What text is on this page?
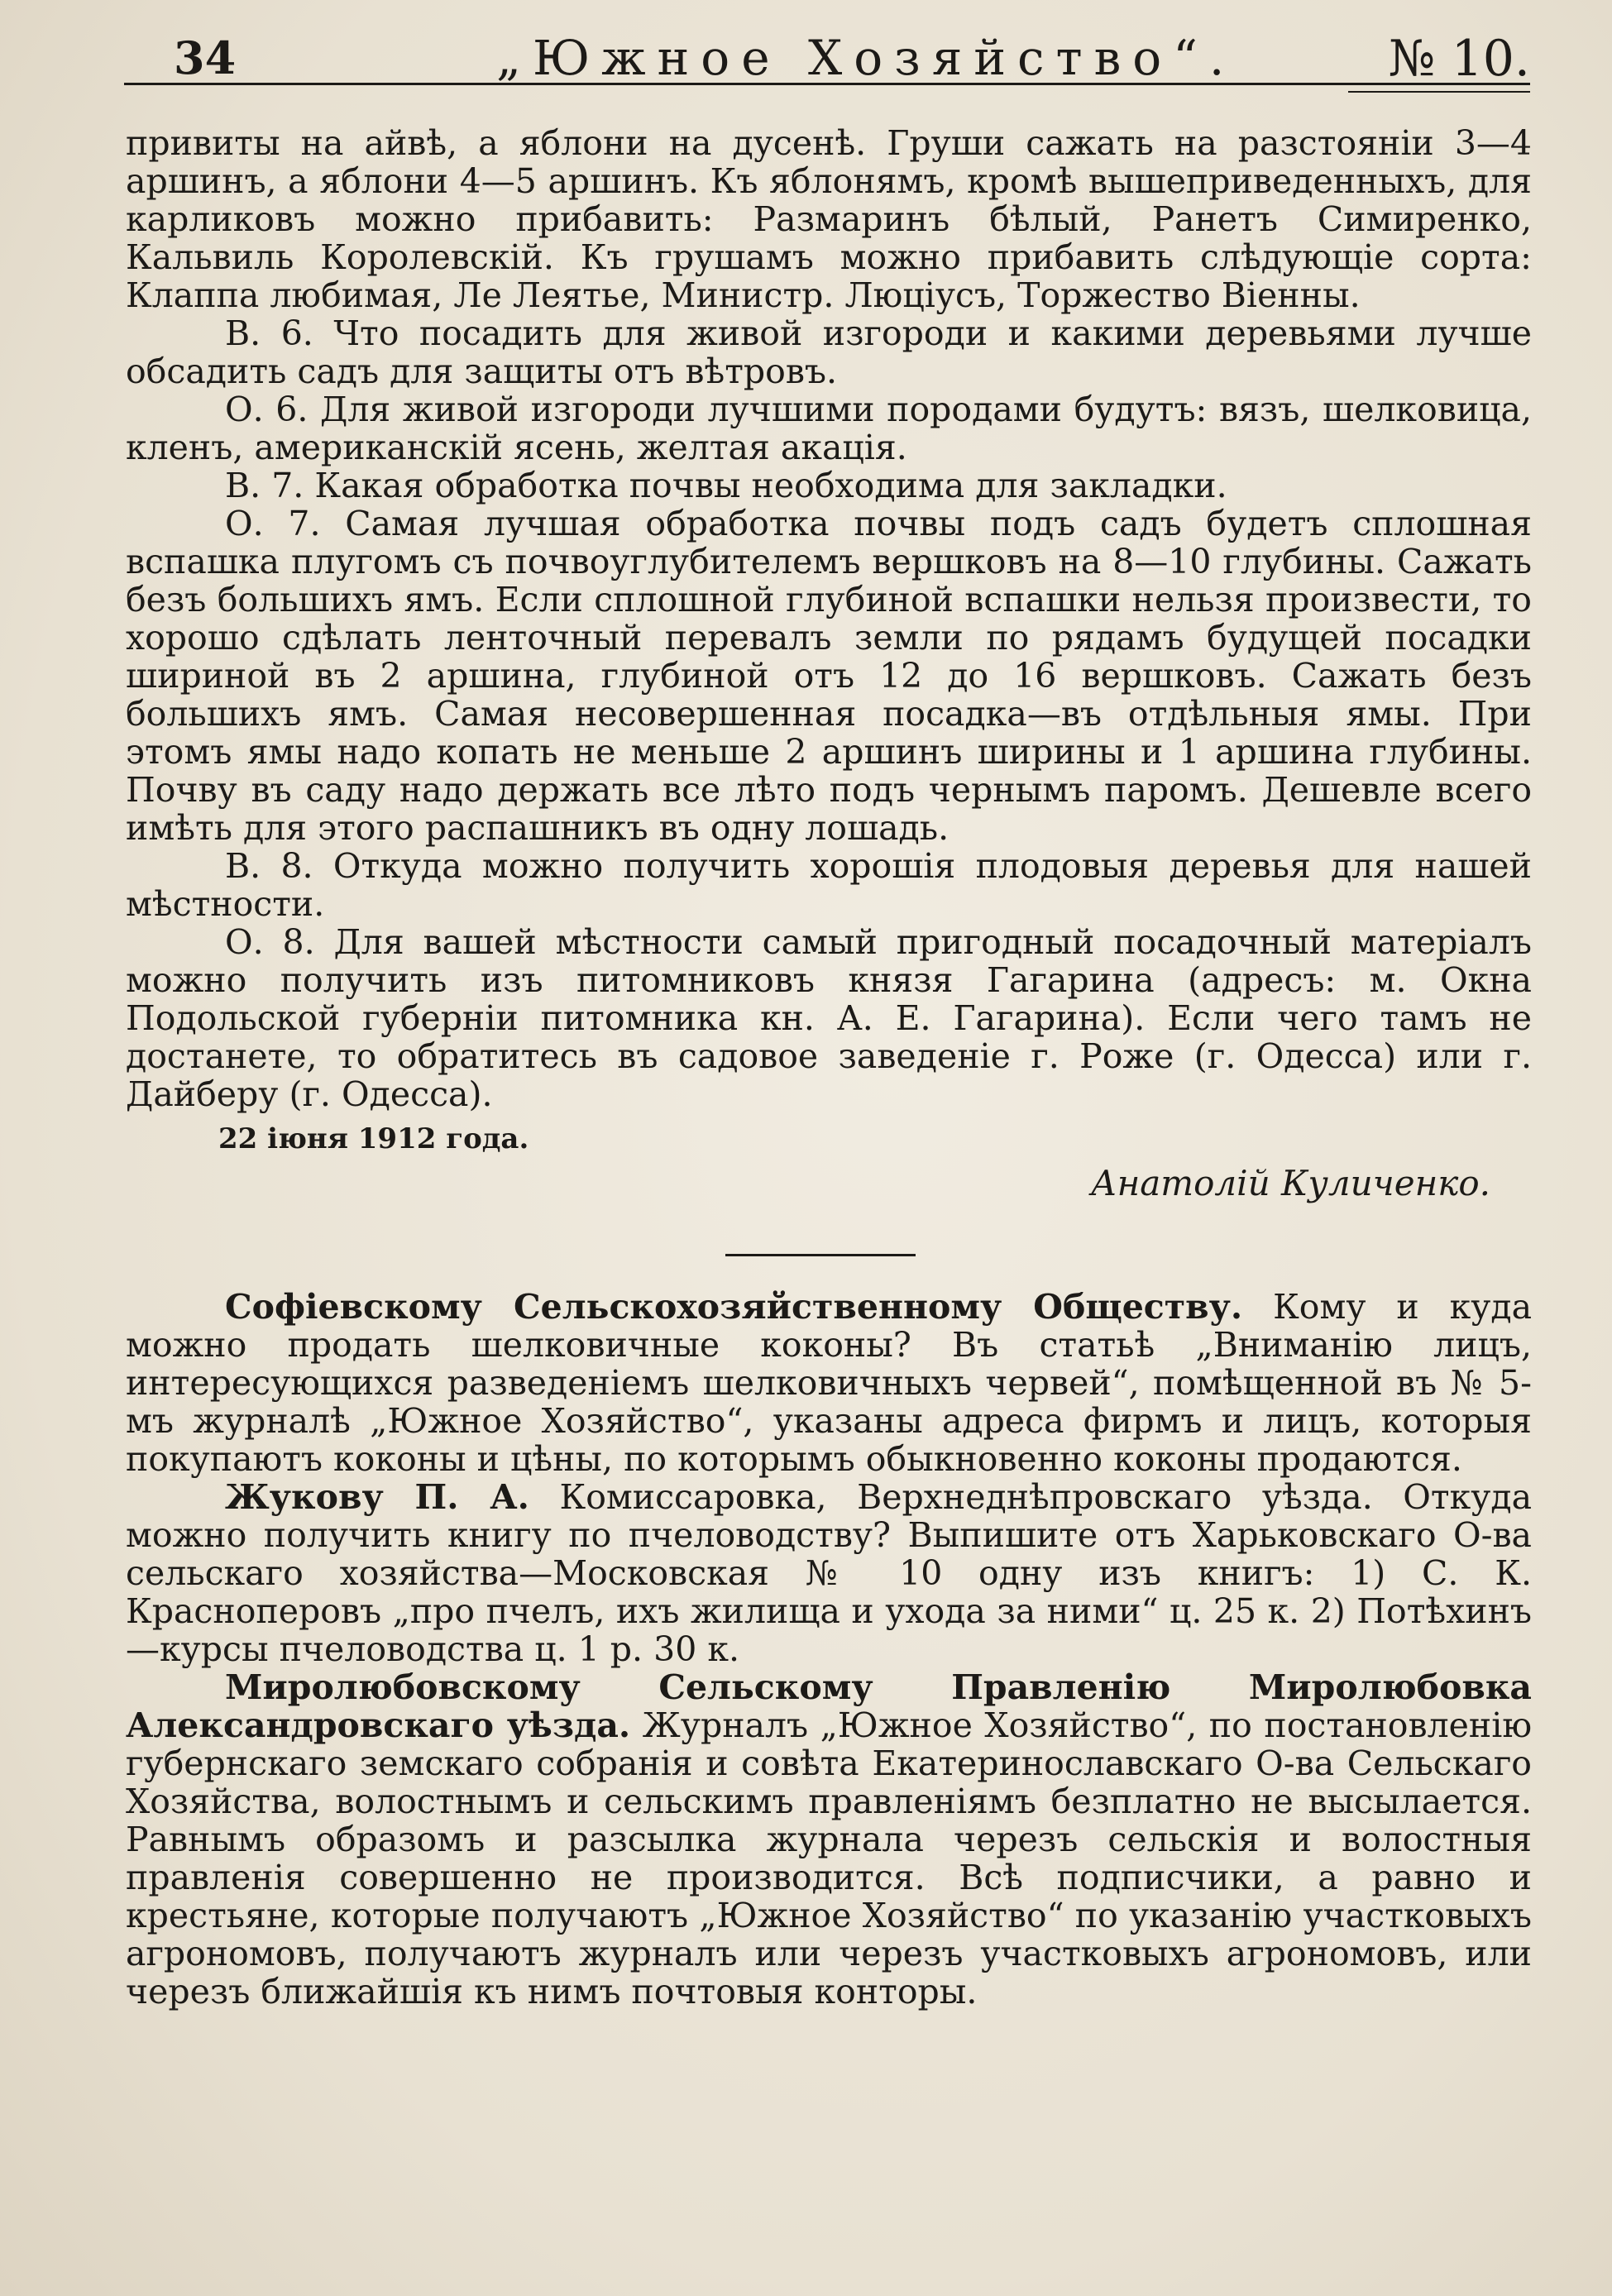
34	„Южное Хозяйство“.	№ 10.

привиты на айвѣ, а яблони на дусенѣ. Груши сажать на разстояніи 3—4 аршинъ, а яблони 4—5 аршинъ. Къ яблонямъ, кромѣ вышеприведенныхъ, для карликовъ можно прибавить: Размаринъ бѣлый, Ранетъ Симиренко, Кальвиль Королевскій. Къ грушамъ можно прибавить слѣдующіе сорта: Клаппа любимая, Ле Леятье, Министр. Люціусъ, Торжество Віенны.

В. 6. Что посадить для живой изгороди и какими деревьями лучше обсадить садъ для защиты отъ вѣтровъ.

О. 6. Для живой изгороди лучшими породами будутъ: вязъ, шелковица, кленъ, американскій ясень, желтая акація.

В. 7. Какая обработка почвы необходима для закладки.

О. 7. Самая лучшая обработка почвы подъ садъ будетъ сплошная вспашка плугомъ съ почвоуглубителемъ вершковъ на 8—10 глубины. Сажать безъ большихъ ямъ. Если сплошной глубиной вспашки нельзя произвести, то хорошо сдѣлать ленточный перевалъ земли по рядамъ будущей посадки шириной въ 2 аршина, глубиной отъ 12 до 16 вершковъ. Сажать безъ большихъ ямъ. Самая несовершенная посадка—въ отдѣльныя ямы. При этомъ ямы надо копать не меньше 2 аршинъ ширины и 1 аршина глубины. Почву въ саду надо держать все лѣто подъ чернымъ паромъ. Дешевле всего имѣть для этого распашникъ въ одну лошадь.

В. 8. Откуда можно получить хорошія плодовыя деревья для нашей мѣстности.

О. 8. Для вашей мѣстности самый пригодный посадочный матеріалъ можно получить изъ питомниковъ князя Гагарина (адресъ: м. Окна Подольской губерніи питомника кн. А. Е. Гагарина). Если чего тамъ не достанете, то обратитесь въ садовое заведеніе г. Роже (г. Одесса) или г. Дайберу (г. Одесса).

22 іюня 1912 года.

Анатолій Куличенко.

Софіевскому Сельскохозяйственному Обществу. Кому и куда можно продать шелковичные коконы? Въ статьѣ „Вниманію лицъ, интересующихся разведеніемъ шелковичныхъ червей“, помѣщенной въ № 5-мъ журналѣ „Южное Хозяйство“, указаны адреса фирмъ и лицъ, которыя покупаютъ коконы и цѣны, по которымъ обыкновенно коконы продаются.

Жукову П. А. Комиссаровка, Верхнеднѣпровскаго уѣзда. Откуда можно получить книгу по пчеловодству? Выпишите отъ Харьковскаго О-ва сельскаго хозяйства—Московская № 10 одну изъ книгъ: 1) С. К. Красноперовъ „про пчелъ, ихъ жилища и ухода за ними“ ц. 25 к. 2) Потѣхинъ—курсы пчеловодства ц. 1 р. 30 к.

Миролюбовскому Сельскому Правленію Миролюбовка Александровскаго уѣзда. Журналъ „Южное Хозяйство“, по постановленію губернскаго земскаго собранія и совѣта Екатеринославскаго О-ва Сельскаго Хозяйства, волостнымъ и сельскимъ правленіямъ безплатно не высылается. Равнымъ образомъ и разсылка журнала черезъ сельскія и волостныя правленія совершенно не производится. Всѣ подписчики, а равно и крестьяне, которые получаютъ „Южное Хозяйство“ по указанію участковыхъ агрономовъ, получаютъ журналъ или черезъ участковыхъ агрономовъ, или черезъ ближайшія къ нимъ почтовыя конторы.
